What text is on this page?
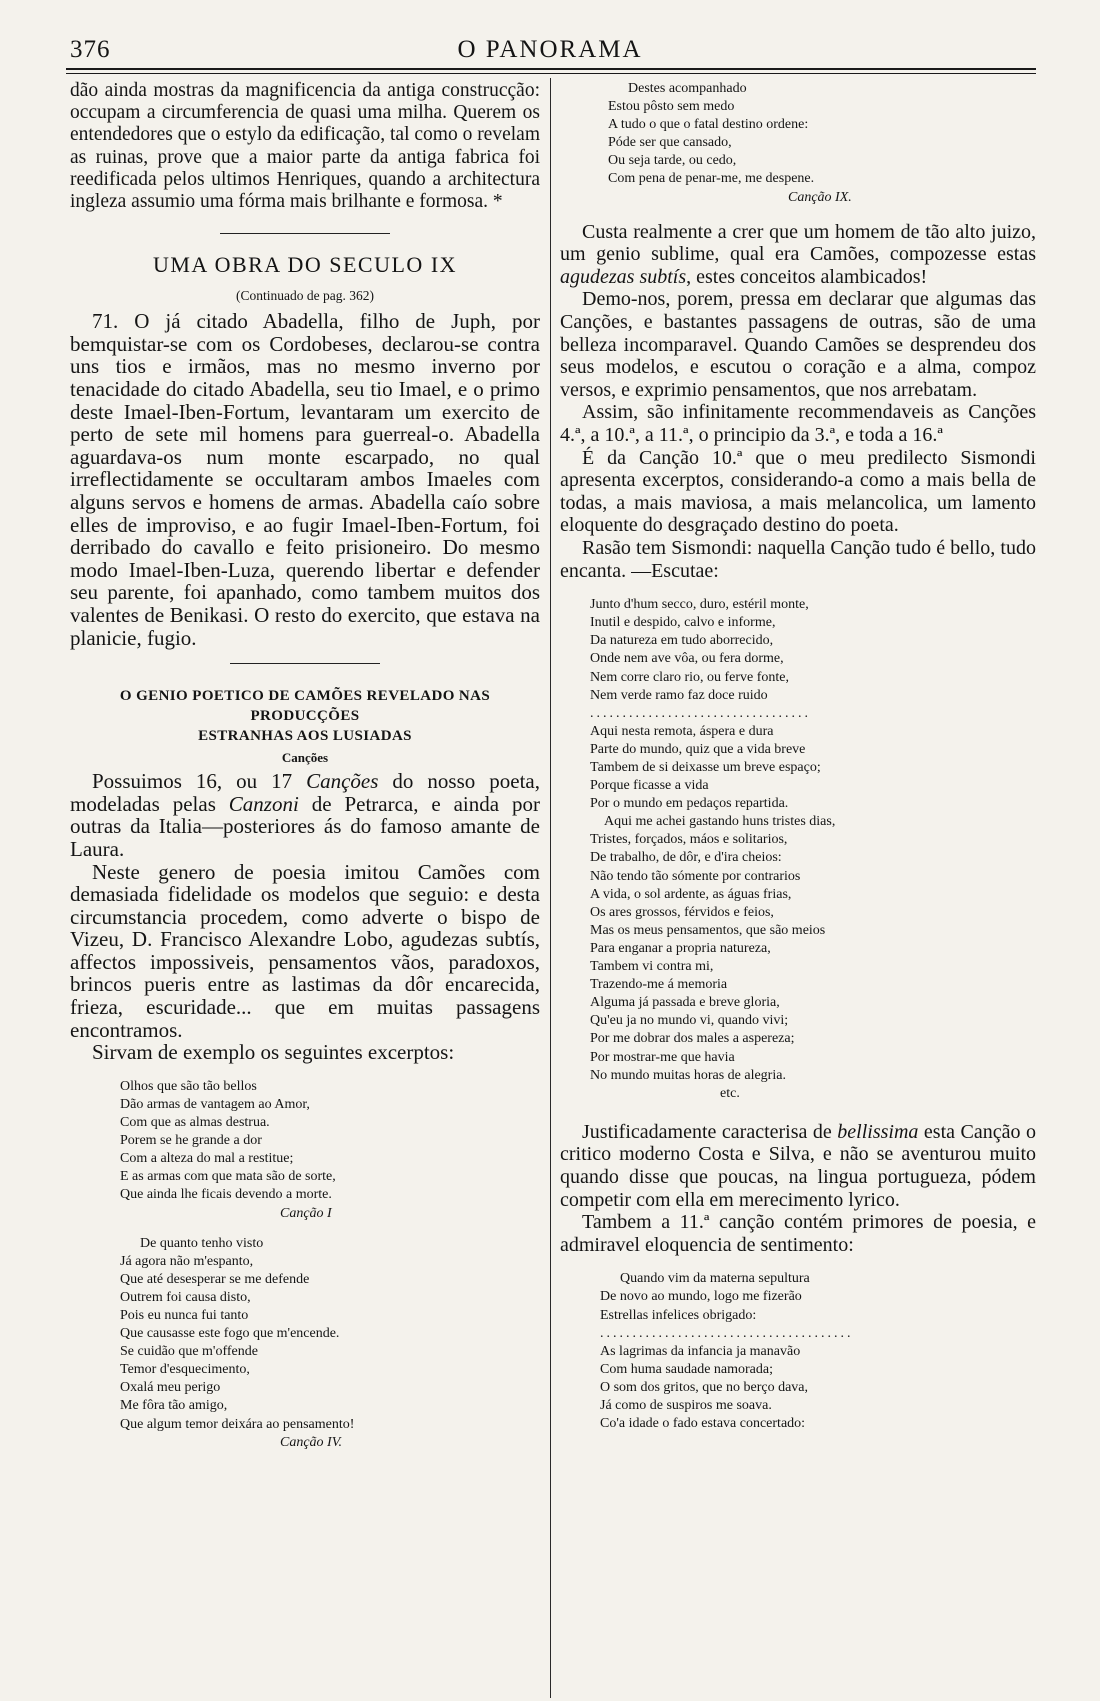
376	O PANORAMA

dão ainda mostras da magnificencia da antiga construcção: occupam a circumferencia de quasi uma milha. Querem os entendedores que o estylo da edificação, tal como o revelam as ruinas, prove que a maior parte da antiga fabrica foi reedificada pelos ultimos Henriques, quando a architectura ingleza assumio uma fórma mais brilhante e formosa. *

UMA OBRA DO SECULO IX
(Continuado de pag. 362)

71. O já citado Abadella, filho de Juph, por bemquistar-se com os Cordobeses, declarou-se contra uns tios e irmãos, mas no mesmo inverno por tenacidade do citado Abadella, seu tio Imael, e o primo deste Imael-Iben-Fortum, levantaram um exercito de perto de sete mil homens para guerreal-o. Abadella aguardava-os num monte escarpado, no qual irreflectidamente se occultaram ambos Imaeles com alguns servos e homens de armas. Abadella caío sobre elles de improviso, e ao fugir Imael-Iben-Fortum, foi derribado do cavallo e feito prisioneiro. Do mesmo modo Imael-Iben-Luza, querendo libertar e defender seu parente, foi apanhado, como tambem muitos dos valentes de Benikasi. O resto do exercito, que estava na planicie, fugio.

O GENIO POETICO DE CAMÕES REVELADO NAS PRODUCÇÕES
ESTRANHAS AOS LUSIADAS
Canções

Possuimos 16, ou 17 Canções do nosso poeta, modeladas pelas Canzoni de Petrarca, e ainda por outras da Italia—posteriores ás do famoso amante de Laura.

Neste genero de poesia imitou Camões com demasiada fidelidade os modelos que seguio: e desta circumstancia procedem, como adverte o bispo de Vizeu, D. Francisco Alexandre Lobo, agudezas subtís, affectos impossiveis, pensamentos vãos, paradoxos, brincos pueris entre as lastimas da dôr encarecida, frieza, escuridade... que em muitas passagens encontramos.

Sirvam de exemplo os seguintes excerptos:

Olhos que são tão bellos
Dão armas de vantagem ao Amor,
Com que as almas destrua.
Porem se he grande a dor
Com a alteza do mal a restitue;
E as armas com que mata são de sorte,
Que ainda lhe ficais devendo a morte.
Canção I
De quanto tenho visto
Já agora não m'espanto,
Que até desesperar se me defende
Outrem foi causa disto,
Pois eu nunca fui tanto
Que causasse este fogo que m'encende.
Se cuidão que m'offende
Temor d'esquecimento,
Oxalá meu perigo
Me fôra tão amigo,
Que algum temor deixára ao pensamento!
Canção IV.
Destes acompanhado
Estou pôsto sem medo
A tudo o que o fatal destino ordene:
Póde ser que cansado,
Ou seja tarde, ou cedo,
Com pena de penar-me, me despene.
Canção IX.

Custa realmente a crer que um homem de tão alto juizo, um genio sublime, qual era Camões, compozesse estas agudezas subtís, estes conceitos alambicados!

Demo-nos, porem, pressa em declarar que algumas das Canções, e bastantes passagens de outras, são de uma belleza incomparavel. Quando Camões se desprendeu dos seus modelos, e escutou o coração e a alma, compoz versos, e exprimio pensamentos, que nos arrebatam.

Assim, são infinitamente recommendaveis as Canções 4.ª, a 10.ª, a 11.ª, o principio da 3.ª, e toda a 16.ª

É da Canção 10.ª que o meu predilecto Sismondi apresenta excerptos, considerando-a como a mais bella de todas, a mais maviosa, a mais melancolica, um lamento eloquente do desgraçado destino do poeta.

Rasão tem Sismondi: naquella Canção tudo é bello, tudo encanta. —Escutae:

Junto d'hum secco, duro, estéril monte,
Inutil e despido, calvo e informe,
Da natureza em tudo aborrecido,
Onde nem ave vôa, ou fera dorme,
Nem corre claro rio, ou ferve fonte,
Nem verde ramo faz doce ruido
..................................
Aqui nesta remota, áspera e dura
Parte do mundo, quiz que a vida breve
Tambem de si deixasse um breve espaço;
Porque ficasse a vida
Por o mundo em pedaços repartida.
Aqui me achei gastando huns tristes dias,
Tristes, forçados, máos e solitarios,
De trabalho, de dôr, e d'ira cheios:
Não tendo tão sómente por contrarios
A vida, o sol ardente, as águas frias,
Os ares grossos, férvidos e feios,
Mas os meus pensamentos, que são meios
Para enganar a propria natureza,
Tambem vi contra mi,
Trazendo-me á memoria
Alguma já passada e breve gloria,
Qu'eu ja no mundo vi, quando vivi;
Por me dobrar dos males a aspereza;
Por mostrar-me que havia
No mundo muitas horas de alegria.
etc.

Justificadamente caracterisa de bellissima esta Canção o critico moderno Costa e Silva, e não se aventurou muito quando disse que poucas, na lingua portugueza, pódem competir com ella em merecimento lyrico.

Tambem a 11.ª canção contém primores de poesia, e admiravel eloquencia de sentimento:

Quando vim da materna sepultura
De novo ao mundo, logo me fizerão
Estrellas infelices obrigado:
.......................................
As lagrimas da infancia ja manavão
Com huma saudade namorada;
O som dos gritos, que no berço dava,
Já como de suspiros me soava.
Co'a idade o fado estava concertado:
